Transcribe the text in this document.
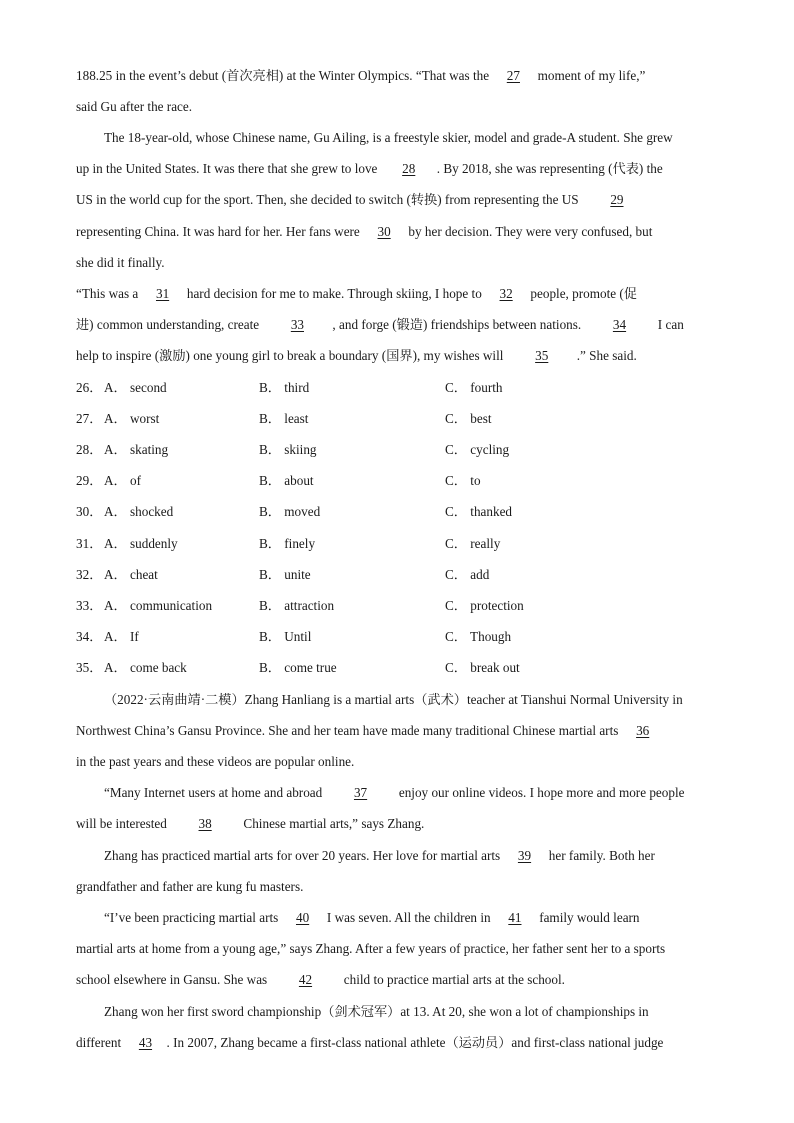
188.25 in the event’s debut (首次亮相) at the Winter Olympics. “That was the 27 moment of my life,”
said Gu after the race.
The 18-year-old, whose Chinese name, Gu Ailing, is a freestyle skier, model and grade-A student. She grew
up in the United States. It was there that she grew to love 28 . By 2018, she was representing (代表) the
US in the world cup for the sport. Then, she decided to switch (转换) from representing the US 29
representing China. It was hard for her. Her fans were 30 by her decision. They were very confused, but
she did it finally.
“This was a 31 hard decision for me to make. Through skiing, I hope to 32 people, promote (促
进) common understanding, create 33 , and forge (锻造) friendships between nations. 34 I can
help to inspire (激励) one young girl to break a boundary (国界), my wishes will 35 .” She said.
26． A． second	B． third	C． fourth
27． A． worst	B． least	C． best
28． A． skating	B． skiing	C． cycling
29． A． of	B． about	C． to
30． A． shocked	B． moved	C． thanked
31． A． suddenly	B． finely	C． really
32． A． cheat	B． unite	C． add
33． A． communication	B． attraction	C． protection
34． A． If	B． Until	C． Though
35． A． come back	B． come true	C． break out
（2022·云南曲靖·二模）Zhang Hanliang is a martial arts（武术）teacher at Tianshui Normal University in
Northwest China’s Gansu Province. She and her team have made many traditional Chinese martial arts 36
in the past years and these videos are popular online.
“Many Internet users at home and abroad 37 enjoy our online videos. I hope more and more people
will be interested 38 Chinese martial arts,” says Zhang.
Zhang has practiced martial arts for over 20 years. Her love for martial arts 39 her family. Both her
grandfather and father are kung fu masters.
“I’ve been practicing martial arts 40 I was seven. All the children in 41 family would learn
martial arts at home from a young age,” says Zhang. After a few years of practice, her father sent her to a sports
school elsewhere in Gansu. She was 42 child to practice martial arts at the school.
Zhang won her first sword championship（剑术冠军）at 13. At 20, she won a lot of championships in
different 43 . In 2007, Zhang became a first-class national athlete（运动员）and first-class national judge
